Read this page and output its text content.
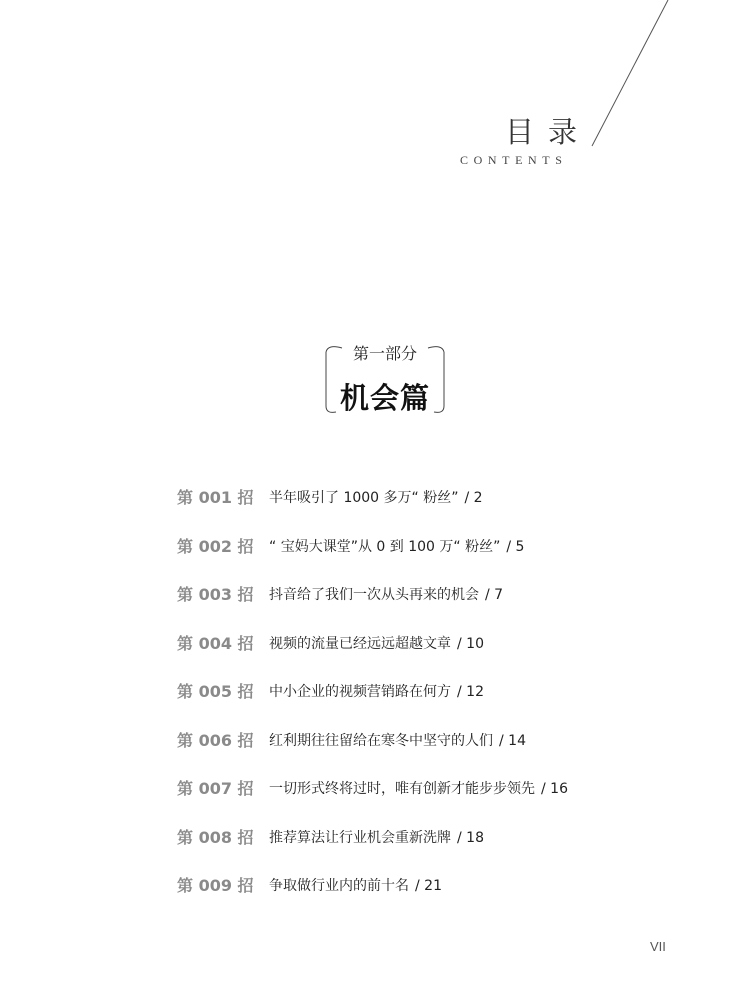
目录
CONTENTS
第一部分
机会篇
第 001 招	半年吸引了 1000 多万“ 粉丝” / 2
第 002 招	“ 宝妈大课堂”从 0 到 100 万“ 粉丝” / 5
第 003 招	抖音给了我们一次从头再来的机会 / 7
第 004 招	视频的流量已经远远超越文章 / 10
第 005 招	中小企业的视频营销路在何方 / 12
第 006 招	红利期往往留给在寒冬中坚守的人们 / 14
第 007 招	一切形式终将过时，唯有创新才能步步领先 / 16
第 008 招	推荐算法让行业机会重新洗牌 / 18
第 009 招	争取做行业内的前十名 / 21
VII
